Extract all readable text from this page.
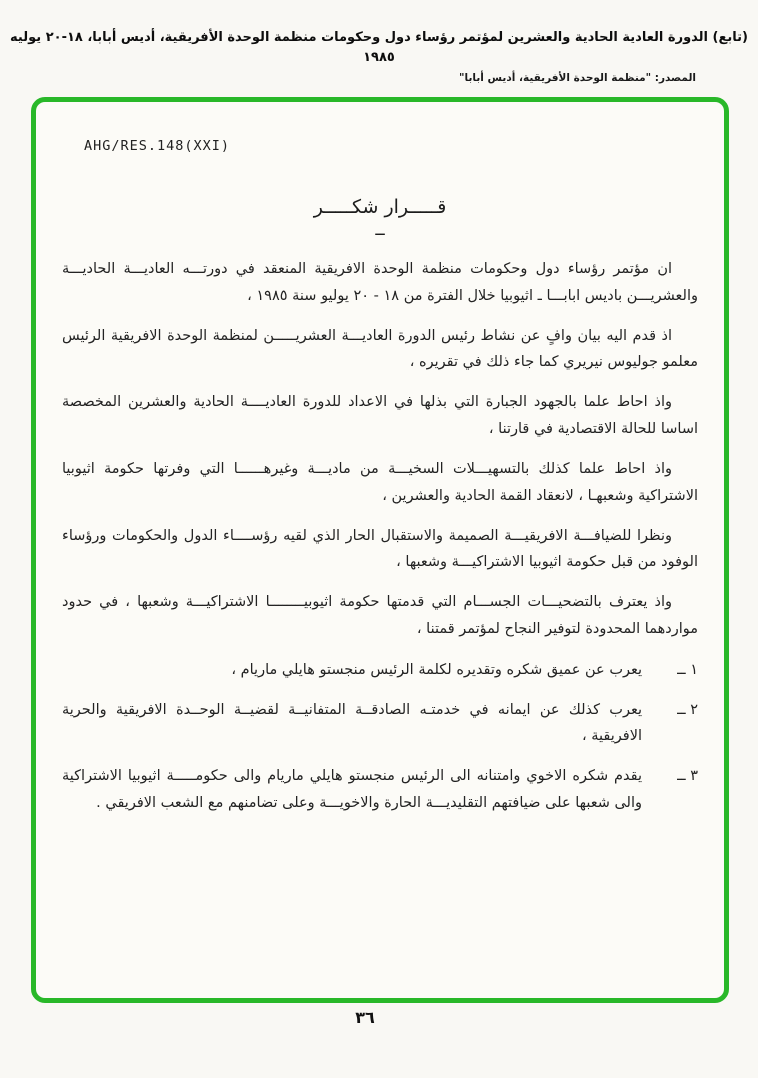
(تابع) الدورة العادية الحادية والعشرين لمؤتمر رؤساء دول وحكومات منظمة الوحدة الأفريقية، أديس أبابا، ١٨-٢٠ يوليه ١٩٨٥
المصدر: "منظمة الوحدة الأفريقية، أديس أبابا"
AHG/RES.148(XXI)
قـــــرار شكـــــر
ــ
ان مؤتمر رؤساء دول وحكومات منظمة الوحدة الافريقية المنعقد في دورتـــه العاديـــة الحاديـــة والعشريـــن باديس ابابـــا ـ اثيوبيا خلال الفترة من ١٨ - ٢٠ يوليو سنة ١٩٨٥ ،
اذ قدم اليه بيان وافٍ عن نشاط رئيس الدورة العاديـــة العشريـــــن لمنظمة الوحدة الافريقية الرئيس معلمو جوليوس نيريري كما جاء ذلك في تقريره ،
واذ احاط علما بالجهود الجبارة التي بذلها في الاعداد للدورة العاديــــة الحادية والعشرين المخصصة اساسا للحالة الاقتصادية في قارتنا ،
واذ احاط علما كذلك بالتسهيـــلات السخيـــة من ماديـــة وغيرهــــــا التي وفرتها حكومة اثيوبيا الاشتراكية وشعبهـا ، لانعقاد القمة الحادية والعشرين ،
ونظرا للضيافـــة الافريقيـــة الصميمة والاستقبال الحار الذي لقيه رؤســــاء الدول والحكومات ورؤساء الوفود من قبل حكومة اثيوبيا الاشتراكيـــة وشعبها ،
واذ يعترف بالتضحيـــات الجســـام التي قدمتها حكومة اثيوبيــــــــا الاشتراكيـــة وشعبها ، في حدود مواردهما المحدودة لتوفير النجاح لمؤتمر قمتنا ،
١ ــ
يعرب عن عميق شكره وتقديره لكلمة الرئيس منجستو هايلي ماريام ،
٢ ــ
يعرب كذلك عن ايمانه في خدمتـه الصادقــة المتفانيــة لقضيــة الوحــدة الافريقية والحرية الافريقية ،
٣ ــ
يقدم شكره الاخوي وامتنانه الى الرئيس منجستو هايلي ماريام والى حكومـــــة اثيوبيا الاشتراكية والى شعبها على ضيافتهم التقليديـــة الحارة والاخويـــة وعلى تضامنهم مع الشعب الافريقي .
٣٦
